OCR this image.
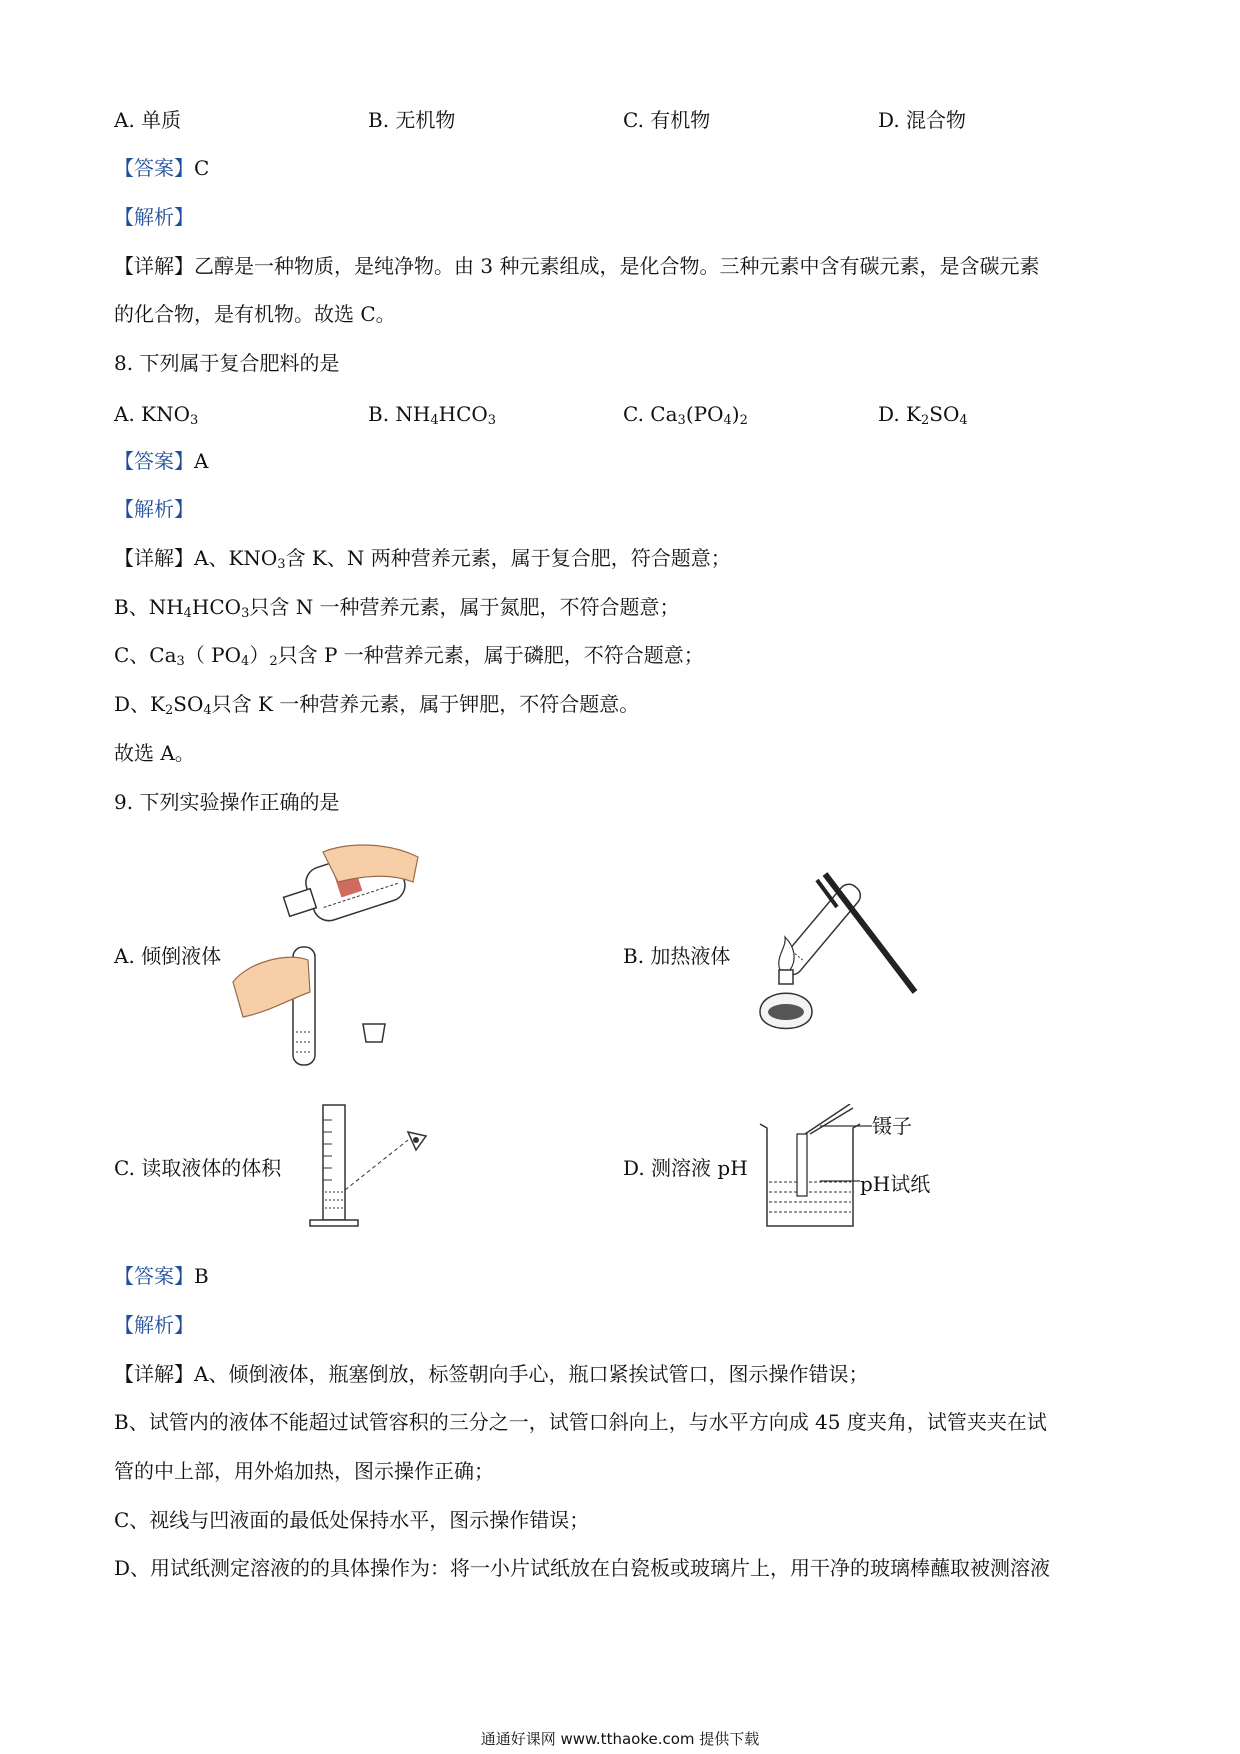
A. 单质	B. 无机物	C. 有机物	D. 混合物
【答案】C
【解析】
【详解】乙醇是一种物质，是纯净物。由 3 种元素组成，是化合物。三种元素中含有碳元素，是含碳元素
的化合物，是有机物。故选 C。
8. 下列属于复合肥料的是
A. $KNO_3$	B. $NH_4HCO_3$	C. $Ca_3(PO_4)_2$	D. $K_2SO_4$
【答案】A
【解析】
【详解】A、$KNO_3$含 K、N 两种营养元素，属于复合肥，符合题意；
B、$NH_4HCO_3$只含 N 一种营养元素，属于氮肥，不符合题意；
C、$Ca_3$（ $PO_4)_2$只含 P 一种营养元素，属于磷肥，不符合题意；
D、$K_2SO_4$只含 K 一种营养元素，属于钾肥，不符合题意。
故选 A。
9. 下列实验操作正确的是
A. 倾倒液体	B. 加热液体
C. 读取液体的体积	D. 测溶液 pH
镊子
pH试纸
【答案】B
【解析】
【详解】A、倾倒液体，瓶塞倒放，标签朝向手心，瓶口紧挨试管口，图示操作错误；
B、试管内的液体不能超过试管容积的三分之一，试管口斜向上，与水平方向成 45 度夹角，试管夹夹在试
管的中上部，用外焰加热，图示操作正确；
C、视线与凹液面的最低处保持水平，图示操作错误；
D、用试纸测定溶液的的具体操作为：将一小片试纸放在白瓷板或玻璃片上，用干净的玻璃棒蘸取被测溶液
通通好课网 www.tthaoke.com 提供下载
